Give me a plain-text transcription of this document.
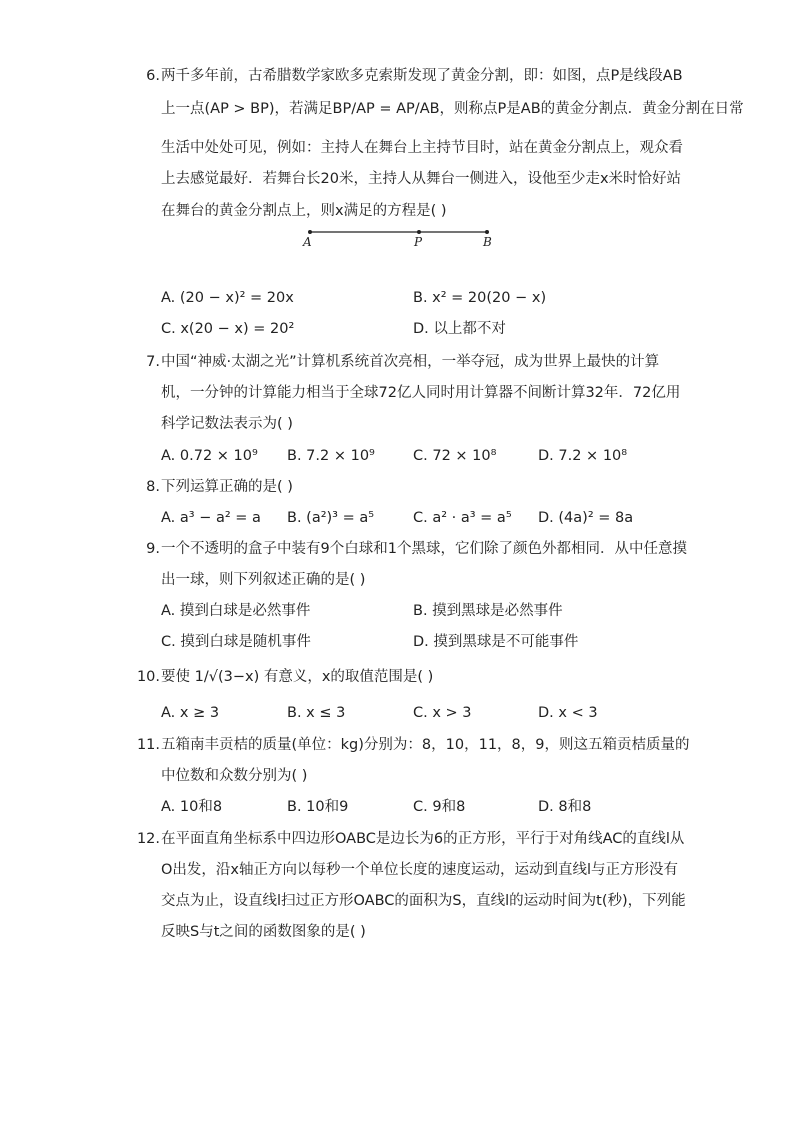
6. 两千多年前，古希腊数学家欧多克索斯发现了黄金分割，即：如图，点P是线段AB
上一点(AP > BP)，若满足BP/AP = AP/AB，则称点P是AB的黄金分割点．黄金分割在日常
生活中处处可见，例如：主持人在舞台上主持节目时，站在黄金分割点上，观众看
上去感觉最好．若舞台长20米，主持人从舞台一侧进入，设他至少走x米时恰好站
在舞台的黄金分割点上，则x满足的方程是( )
A	P	B
A. (20 − x)² = 20x	B. x² = 20(20 − x)
C. x(20 − x) = 20²	D. 以上都不对
7. 中国“神威·太湖之光”计算机系统首次亮相，一举夺冠，成为世界上最快的计算
机，一分钟的计算能力相当于全球72亿人同时用计算器不间断计算32年．72亿用
科学记数法表示为( )
A. 0.72 × 10⁹ B. 7.2 × 10⁹	C. 72 × 10⁸	D. 7.2 × 10⁸
8. 下列运算正确的是( )
A. a³ − a² = a B. (a²)³ = a⁵	C. a² · a³ = a⁵ D. (4a)² = 8a
9. 一个不透明的盒子中装有9个白球和1个黑球，它们除了颜色外都相同．从中任意摸
出一球，则下列叙述正确的是( )
A. 摸到白球是必然事件	B. 摸到黑球是必然事件
C. 摸到白球是随机事件	D. 摸到黑球是不可能事件
10. 要使 1/√(3−x) 有意义，x的取值范围是( )
A. x ≥ 3	B. x ≤ 3	C. x > 3	D. x < 3
11. 五箱南丰贡桔的质量(单位：kg)分别为：8，10，11，8，9，则这五箱贡桔质量的
中位数和众数分别为( )
A. 10和8	B. 10和9	C. 9和8	D. 8和8
12. 在平面直角坐标系中四边形OABC是边长为6的正方形，平行于对角线AC的直线l从
O出发，沿x轴正方向以每秒一个单位长度的速度运动，运动到直线l与正方形没有
交点为止，设直线l扫过正方形OABC的面积为S，直线l的运动时间为t(秒)，下列能
反映S与t之间的函数图象的是( )
